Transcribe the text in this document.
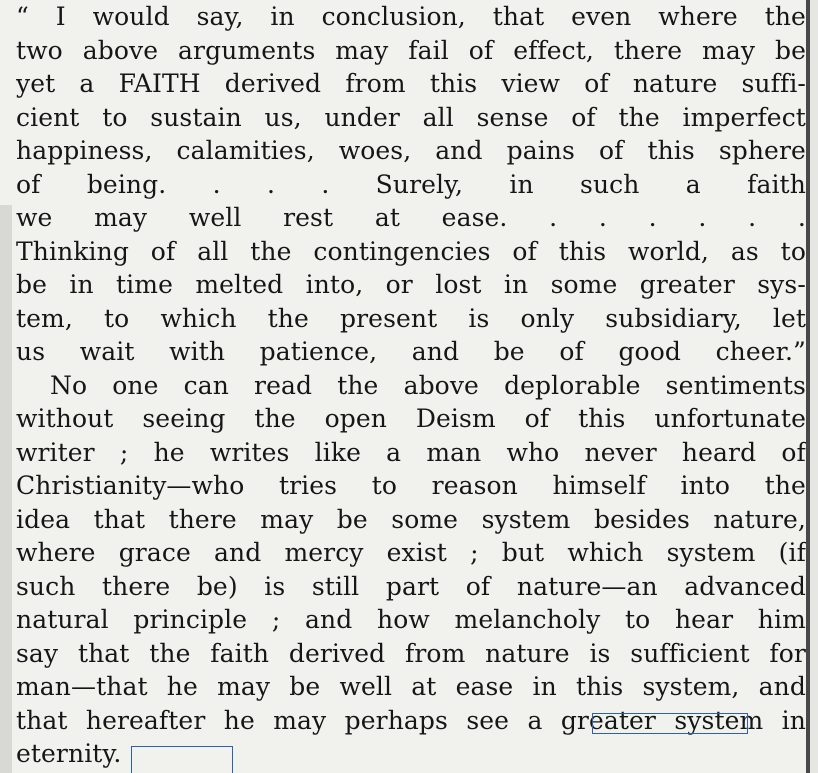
“ I would say, in conclusion, that even where the
two above arguments may fail of effect, there may be
yet a FAITH derived from this view of nature suffi-
cient to sustain us, under all sense of the imperfect
happiness, calamities, woes, and pains of this sphere
of being. . . . Surely, in such a faith
we may well rest at ease. . . . . . .
Thinking of all the contingencies of this world, as to
be in time melted into, or lost in some greater sys-
tem, to which the present is only subsidiary, let
us wait with patience, and be of good cheer.”
No one can read the above deplorable sentiments
without seeing the open Deism of this unfortunate
writer ; he writes like a man who never heard of
Christianity—who tries to reason himself into the
idea that there may be some system besides nature,
where grace and mercy exist ; but which system (if
such there be) is still part of nature—an advanced
natural principle ; and how melancholy to hear him
say that the faith derived from nature is sufficient for
man—that he may be well at ease in this system, and
that hereafter he may perhaps see a greater system in
eternity.
